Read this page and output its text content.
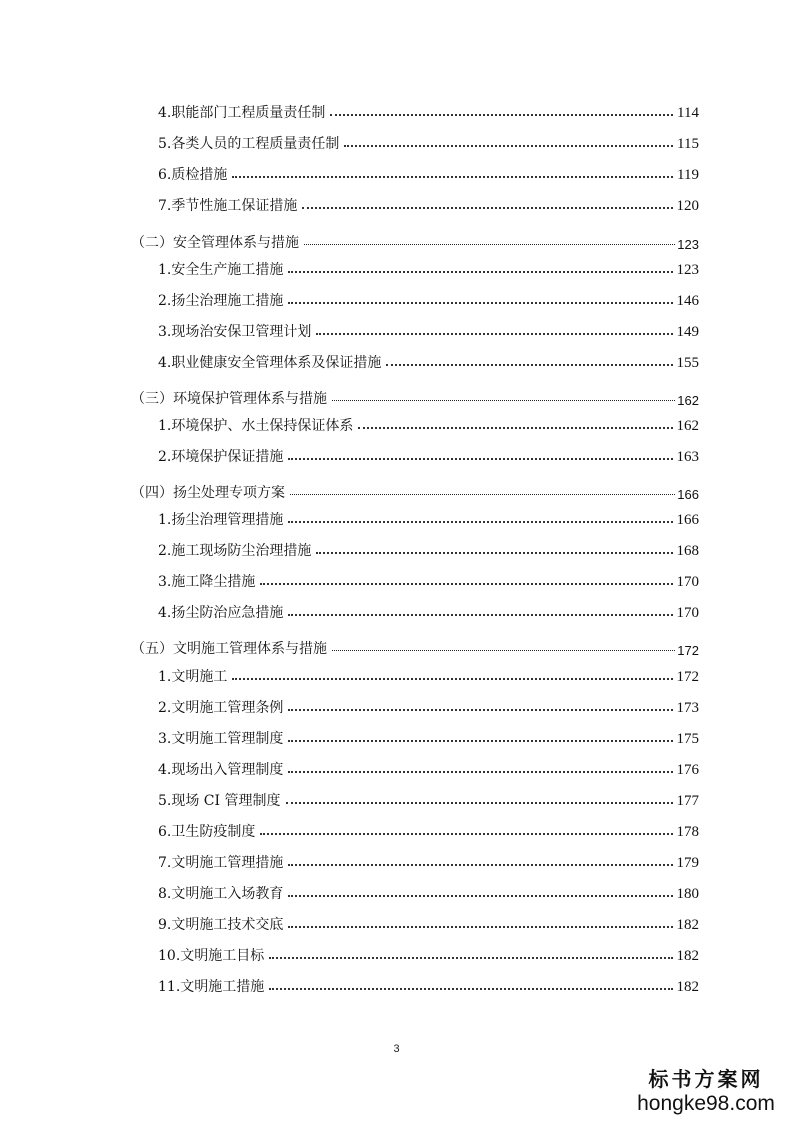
4.职能部门工程质量责任制	114
5.各类人员的工程质量责任制	115
6.质检措施	119
7.季节性施工保证措施	120
（二）安全管理体系与措施	123
1.安全生产施工措施	123
2.扬尘治理施工措施	146
3.现场治安保卫管理计划	149
4.职业健康安全管理体系及保证措施	155
（三）环境保护管理体系与措施	162
1.环境保护、水土保持保证体系	162
2.环境保护保证措施	163
（四）扬尘处理专项方案	166
1.扬尘治理管理措施	166
2.施工现场防尘治理措施	168
3.施工降尘措施	170
4.扬尘防治应急措施	170
（五）文明施工管理体系与措施	172
1.文明施工	172
2.文明施工管理条例	173
3.文明施工管理制度	175
4.现场出入管理制度	176
5.现场 CI 管理制度	177
6.卫生防疫制度	178
7.文明施工管理措施	179
8.文明施工入场教育	180
9.文明施工技术交底	182
10.文明施工目标	182
11.文明施工措施	182
3
标书方案网
hongke98.com
